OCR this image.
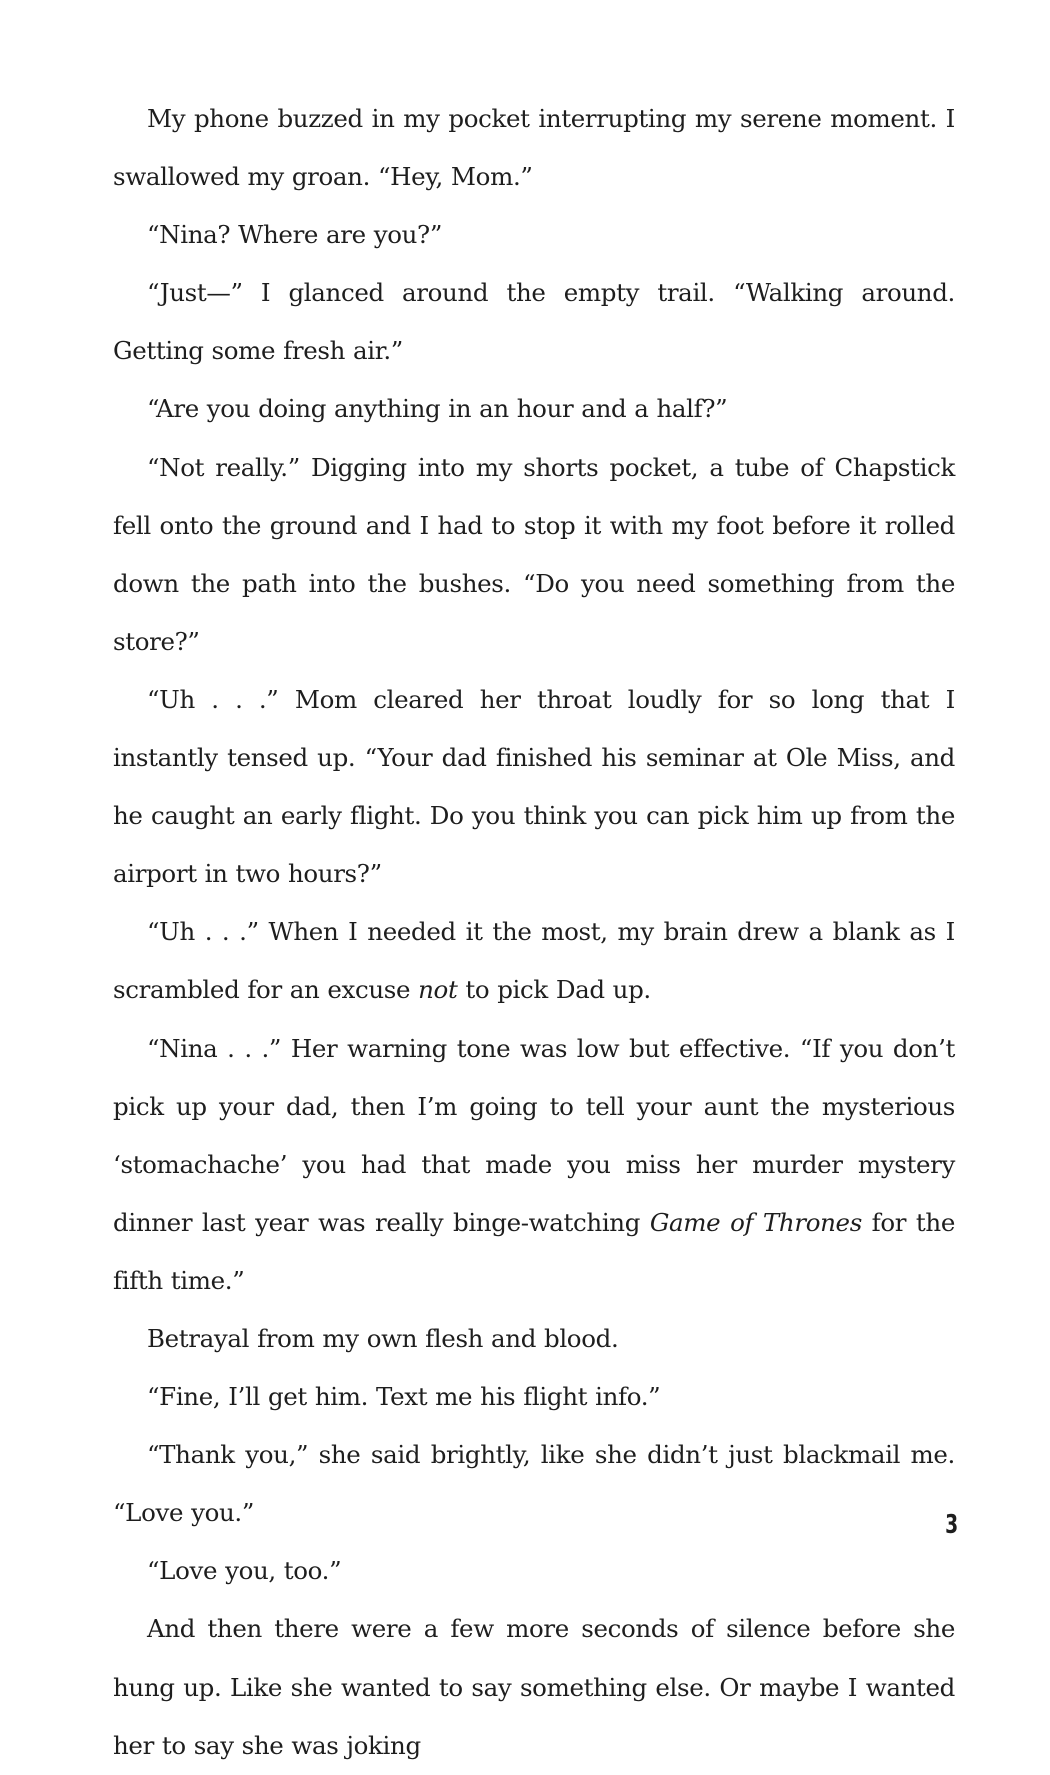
My phone buzzed in my pocket interrupting my serene moment. I swallowed my groan. “Hey, Mom.”

“Nina? Where are you?”

“Just—” I glanced around the empty trail. “Walking around. Getting some fresh air.”

“Are you doing anything in an hour and a half?”

“Not really.” Digging into my shorts pocket, a tube of Chapstick fell onto the ground and I had to stop it with my foot before it rolled down the path into the bushes. “Do you need something from the store?”

“Uh . . .” Mom cleared her throat loudly for so long that I instantly tensed up. “Your dad finished his seminar at Ole Miss, and he caught an early flight. Do you think you can pick him up from the airport in two hours?”

“Uh . . .” When I needed it the most, my brain drew a blank as I scrambled for an excuse not to pick Dad up.

“Nina . . .” Her warning tone was low but effective. “If you don’t pick up your dad, then I’m going to tell your aunt the mysterious ‘stomachache’ you had that made you miss her murder mystery dinner last year was really binge-watching Game of Thrones for the fifth time.”

Betrayal from my own flesh and blood.

“Fine, I’ll get him. Text me his flight info.”

“Thank you,” she said brightly, like she didn’t just blackmail me. “Love you.”

“Love you, too.”

And then there were a few more seconds of silence before she hung up. Like she wanted to say something else. Or maybe I wanted her to say she was joking

3
